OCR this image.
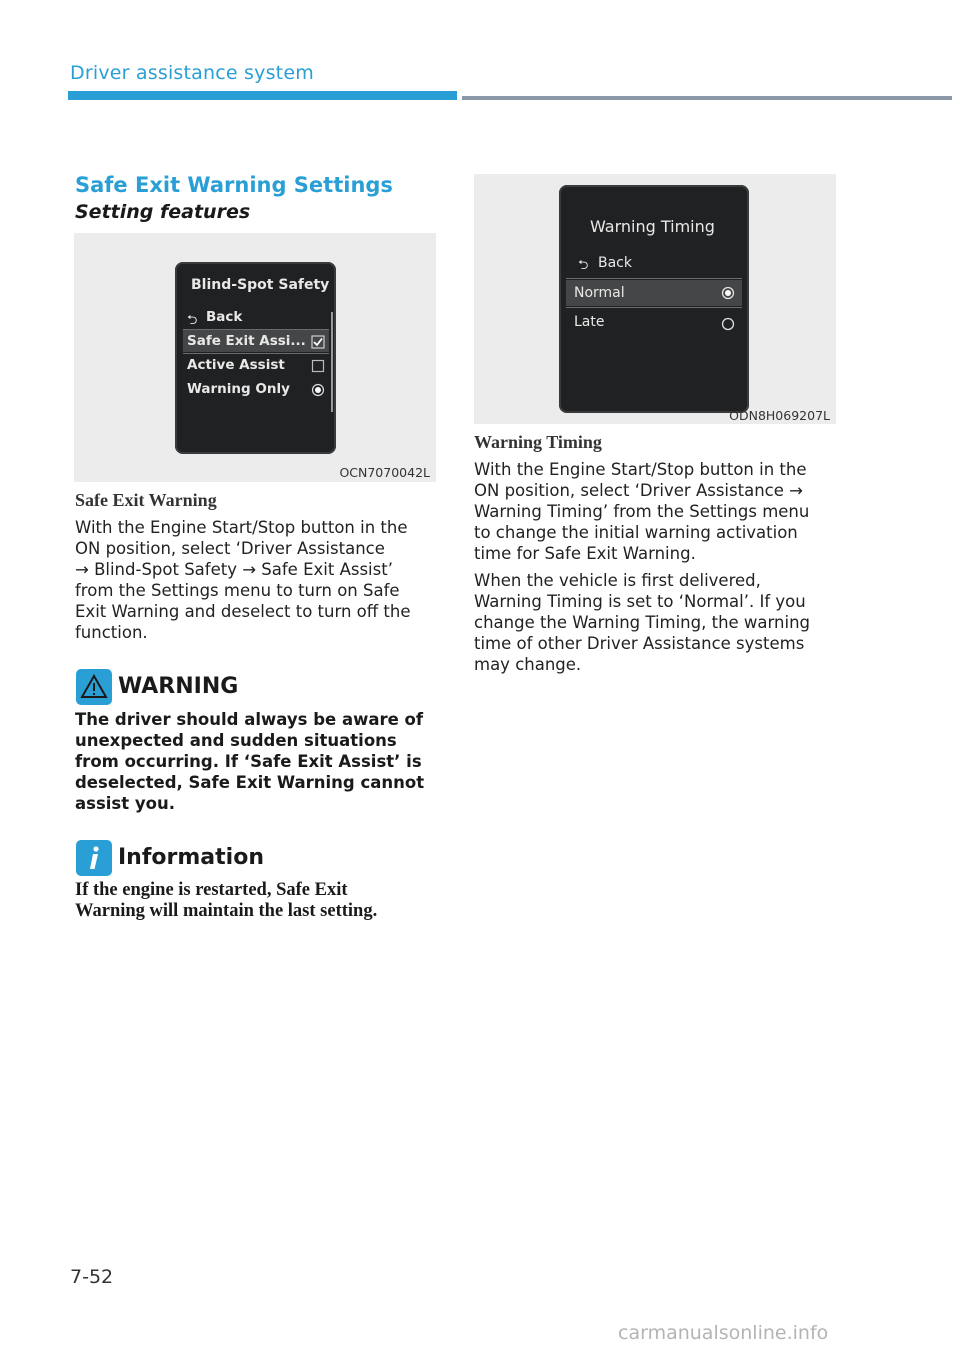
Driver assistance system
Safe Exit Warning Settings
Setting features
Blind-Spot Safety
⮌ Back
Safe Exit Assi...
Active Assist
Warning Only
OCN7070042L
Safe Exit Warning
With the Engine Start/Stop button in the
ON position, select ‘Driver Assistance
→ Blind-Spot Safety → Safe Exit Assist’
from the Settings menu to turn on Safe
Exit Warning and deselect to turn off the
function.
WARNING
The driver should always be aware of
unexpected and sudden situations
from occurring. If ‘Safe Exit Assist’ is
deselected, Safe Exit Warning cannot
assist you.
Information
If the engine is restarted, Safe Exit
Warning will maintain the last setting.
Warning Timing
⮌ Back
Normal
Late
ODN8H069207L
Warning Timing
With the Engine Start/Stop button in the
ON position, select ‘Driver Assistance →
Warning Timing’ from the Settings menu
to change the initial warning activation
time for Safe Exit Warning.
When the vehicle is first delivered,
Warning Timing is set to ‘Normal’. If you
change the Warning Timing, the warning
time of other Driver Assistance systems
may change.
7-52
carmanualsonline.info
